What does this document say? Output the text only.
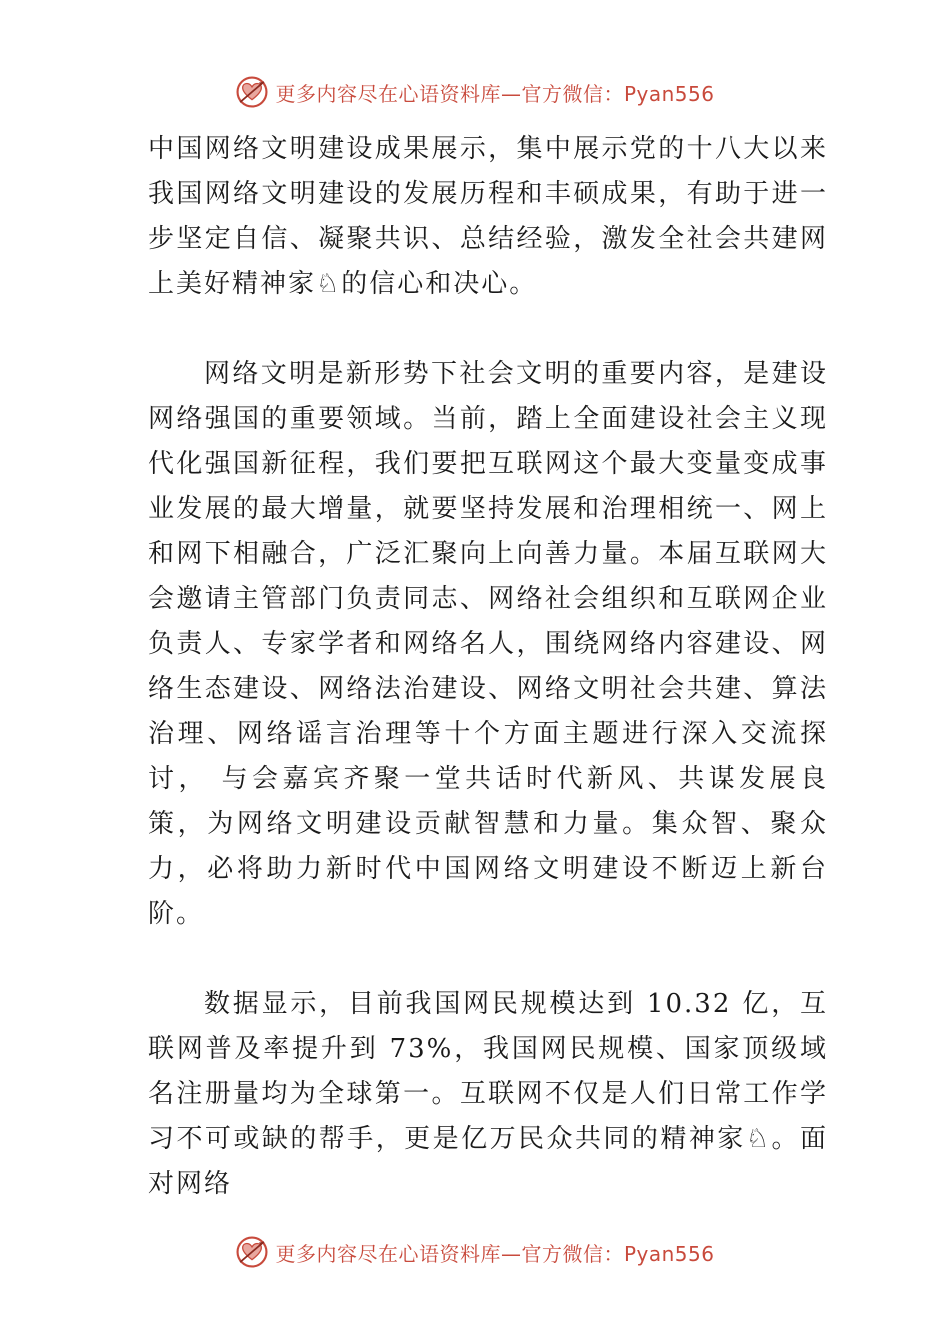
更多内容尽在心语资料库—官方微信：Pyan556

中国网络文明建设成果展示，集中展示党的十八大以来我国网络文明建设的发展历程和丰硕成果，有助于进一步坚定自信、凝聚共识、总结经验，激发全社会共建网上美好精神家♘的信心和决心。

网络文明是新形势下社会文明的重要内容，是建设网络强国的重要领域。当前，踏上全面建设社会主义现代化强国新征程，我们要把互联网这个最大变量变成事业发展的最大增量，就要坚持发展和治理相统一、网上和网下相融合，广泛汇聚向上向善力量。本届互联网大会邀请主管部门负责同志、网络社会组织和互联网企业负责人、专家学者和网络名人，围绕网络内容建设、网络生态建设、网络法治建设、网络文明社会共建、算法治理、网络谣言治理等十个方面主题进行深入交流探讨， 与会嘉宾齐聚一堂共话时代新风、共谋发展良策，为网络文明建设贡献智慧和力量。集众智、聚众力，必将助力新时代中国网络文明建设不断迈上新台阶。

数据显示，目前我国网民规模达到 10.32 亿，互联网普及率提升到 73%，我国网民规模、国家顶级域名注册量均为全球第一。互联网不仅是人们日常工作学习不可或缺的帮手，更是亿万民众共同的精神家♘。面对网络

更多内容尽在心语资料库—官方微信：Pyan556
